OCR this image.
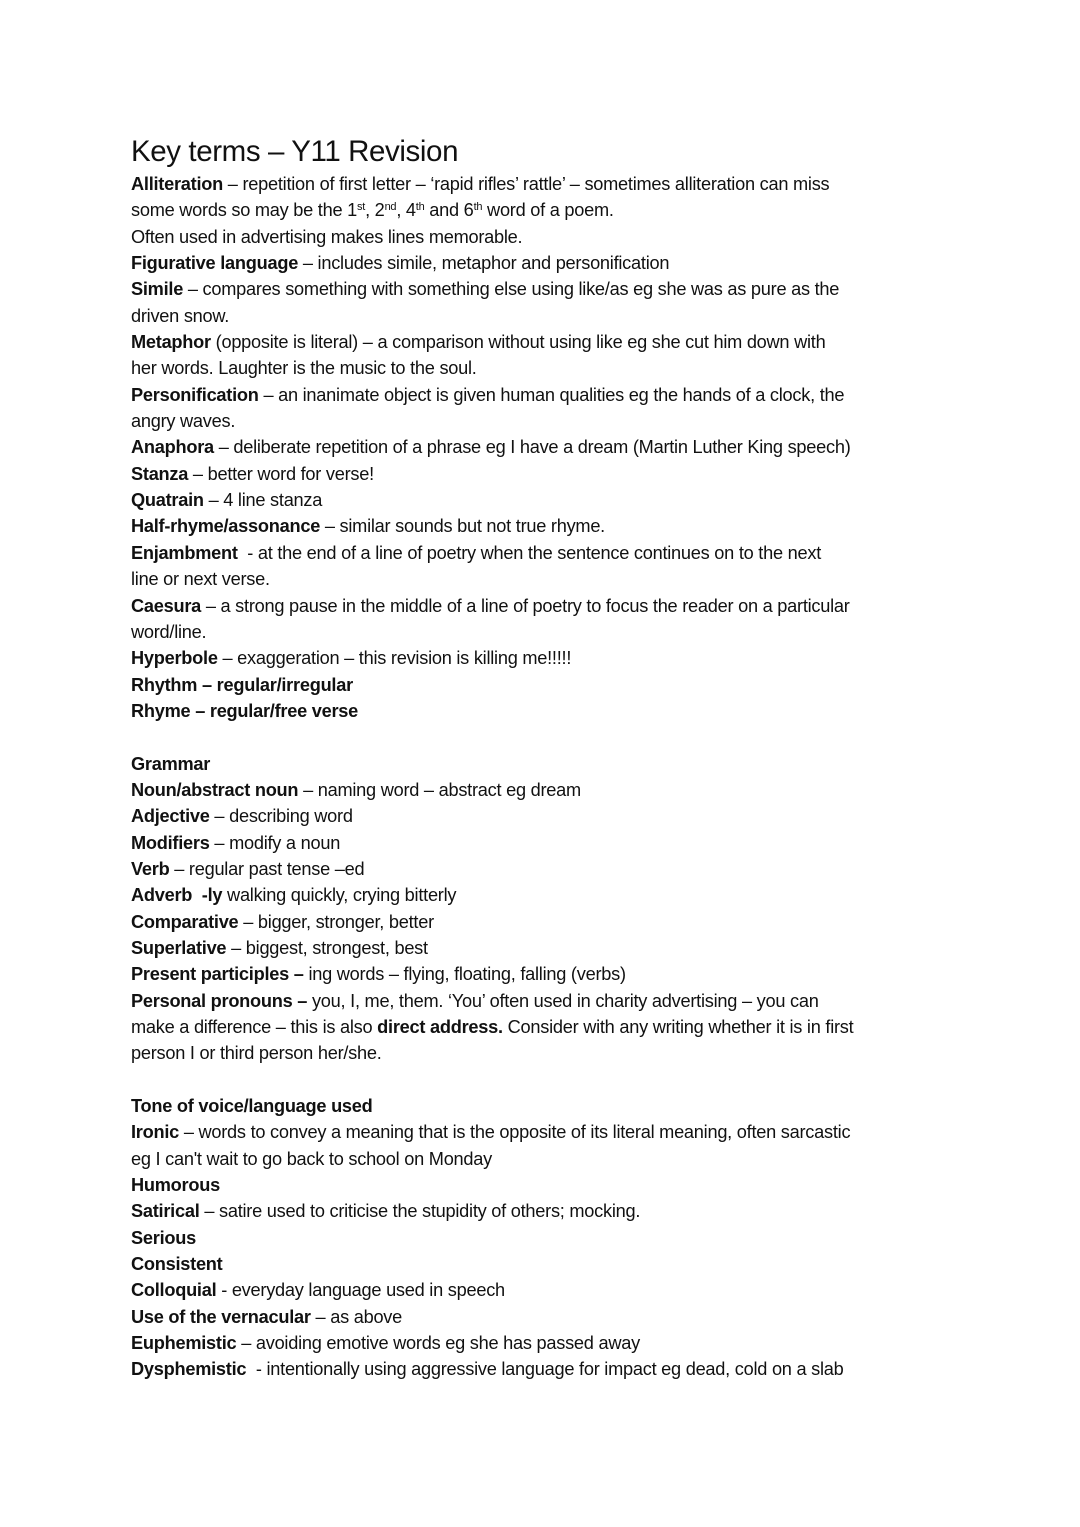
Key terms – Y11 Revision

Alliteration – repetition of first letter – ‘rapid rifles’ rattle’ – sometimes alliteration can miss

some words so may be the 1st, 2nd, 4th and 6th word of a poem.

Often used in advertising makes lines memorable.

Figurative language – includes simile, metaphor and personification

Simile – compares something with something else using like/as eg she was as pure as the

driven snow.

Metaphor (opposite is literal) – a comparison without using like eg she cut him down with

her words. Laughter is the music to the soul.

Personification – an inanimate object is given human qualities eg the hands of a clock, the

angry waves.

Anaphora – deliberate repetition of a phrase eg I have a dream (Martin Luther King speech)

Stanza – better word for verse!

Quatrain – 4 line stanza

Half-rhyme/assonance – similar sounds but not true rhyme.

Enjambment  - at the end of a line of poetry when the sentence continues on to the next

line or next verse.

Caesura – a strong pause in the middle of a line of poetry to focus the reader on a particular

word/line.

Hyperbole – exaggeration – this revision is killing me!!!!!

Rhythm – regular/irregular

Rhyme – regular/free verse

Grammar

Noun/abstract noun – naming word – abstract eg dream

Adjective – describing word

Modifiers – modify a noun

Verb – regular past tense –ed

Adverb  -ly walking quickly, crying bitterly

Comparative – bigger, stronger, better

Superlative – biggest, strongest, best

Present participles – ing words – flying, floating, falling (verbs)

Personal pronouns – you, I, me, them. ‘You’ often used in charity advertising – you can

make a difference – this is also direct address. Consider with any writing whether it is in first

person I or third person her/she.

Tone of voice/language used

Ironic – words to convey a meaning that is the opposite of its literal meaning, often sarcastic

eg I can't wait to go back to school on Monday

Humorous

Satirical – satire used to criticise the stupidity of others; mocking.

Serious

Consistent

Colloquial - everyday language used in speech

Use of the vernacular – as above

Euphemistic – avoiding emotive words eg she has passed away

Dysphemistic  - intentionally using aggressive language for impact eg dead, cold on a slab
